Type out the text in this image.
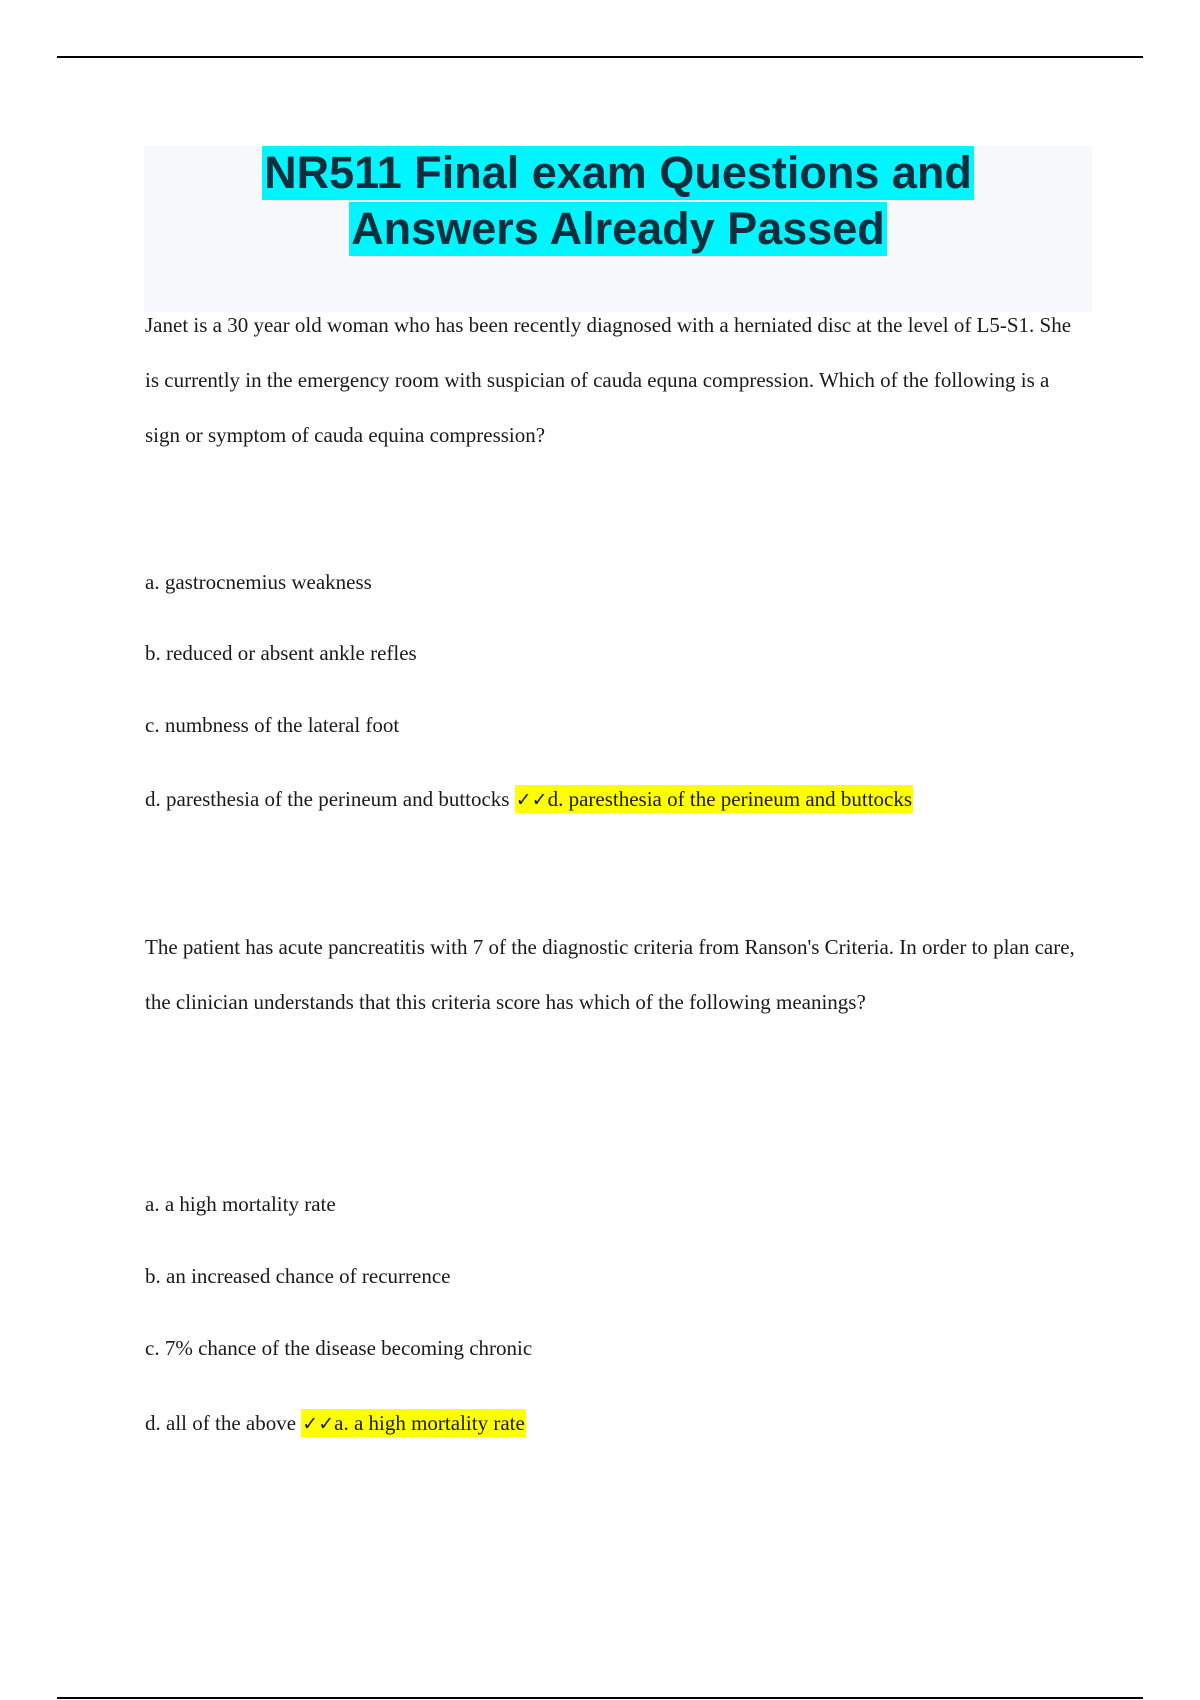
NR511 Final exam Questions and
Answers Already Passed

Janet is a 30 year old woman who has been recently diagnosed with a herniated disc at the level of L5-S1. She is currently in the emergency room with suspician of cauda equna compression. Which of the following is a sign or symptom of cauda equina compression?

a. gastrocnemius weakness

b. reduced or absent ankle refles

c. numbness of the lateral foot

d. paresthesia of the perineum and buttocks ✓✓d. paresthesia of the perineum and buttocks

The patient has acute pancreatitis with 7 of the diagnostic criteria from Ranson's Criteria. In order to plan care, the clinician understands that this criteria score has which of the following meanings?

a. a high mortality rate

b. an increased chance of recurrence

c. 7% chance of the disease becoming chronic

d. all of the above ✓✓a. a high mortality rate
